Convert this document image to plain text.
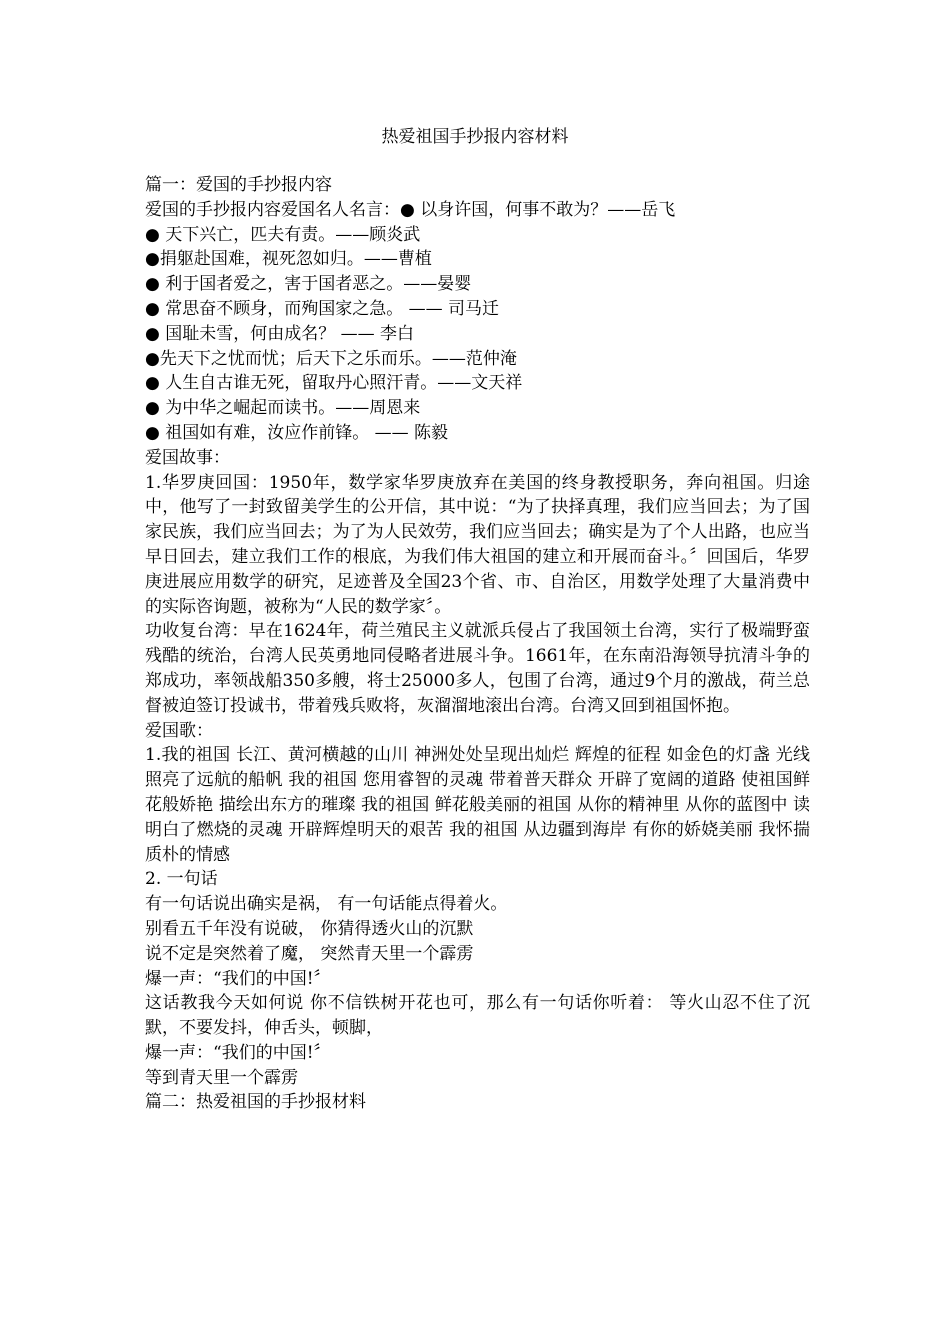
热爱祖国手抄报内容材料
篇一：爱国的手抄报内容
爱国的手抄报内容爱国名人名言：● 以身许国，何事不敢为？——岳飞
● 天下兴亡，匹夫有责。——顾炎武
●捐躯赴国难，视死忽如归。——曹植
● 利于国者爱之，害于国者恶之。——晏婴
● 常思奋不顾身，而殉国家之急。 —— 司马迁
● 国耻未雪，何由成名？ —— 李白
●先天下之忧而忧；后天下之乐而乐。——范仲淹
● 人生自古谁无死，留取丹心照汗青。——文天祥
● 为中华之崛起而读书。——周恩来
● 祖国如有难，汝应作前锋。 —— 陈毅
爱国故事：
1.华罗庚回国：1950年，数学家华罗庚放弃在美国的终身教授职务，奔向祖国。归途中，他写了一封致留美学生的公开信，其中说：“为了抉择真理，我们应当回去；为了国家民族，我们应当回去；为了为人民效劳，我们应当回去；确实是为了个人出路，也应当早日回去，建立我们工作的根底，为我们伟大祖国的建立和开展而奋斗。〞回国后，华罗庚进展应用数学的研究，足迹普及全国23个省、市、自治区，用数学处理了大量消费中的实际咨询题，被称为“人民的数学家〞。
功收复台湾：早在1624年，荷兰殖民主义就派兵侵占了我国领土台湾，实行了极端野蛮残酷的统治，台湾人民英勇地同侵略者进展斗争。1661年，在东南沿海领导抗清斗争的郑成功，率领战船350多艘，将士25000多人，包围了台湾，通过9个月的激战，荷兰总督被迫签订投诚书，带着残兵败将，灰溜溜地滚出台湾。台湾又回到祖国怀抱。
爱国歌：
1.我的祖国 长江、黄河横越的山川 神洲处处呈现出灿烂 辉煌的征程 如金色的灯盏 光线照亮了远航的船帆 我的祖国 您用睿智的灵魂 带着普天群众 开辟了宽阔的道路 使祖国鲜花般娇艳 描绘出东方的璀璨 我的祖国 鲜花般美丽的祖国 从你的精神里 从你的蓝图中 读明白了燃烧的灵魂 开辟辉煌明天的艰苦 我的祖国 从边疆到海岸 有你的娇娆美丽 我怀揣质朴的情感
2. 一句话
有一句话说出确实是祸， 有一句话能点得着火。
别看五千年没有说破， 你猜得透火山的沉默
说不定是突然着了魔， 突然青天里一个霹雳
爆一声：“我们的中国!〞
这话教我今天如何说 你不信铁树开花也可，那么有一句话你听着： 等火山忍不住了沉默，不要发抖，伸舌头，顿脚，
爆一声：“我们的中国!〞
等到青天里一个霹雳
篇二：热爱祖国的手抄报材料
